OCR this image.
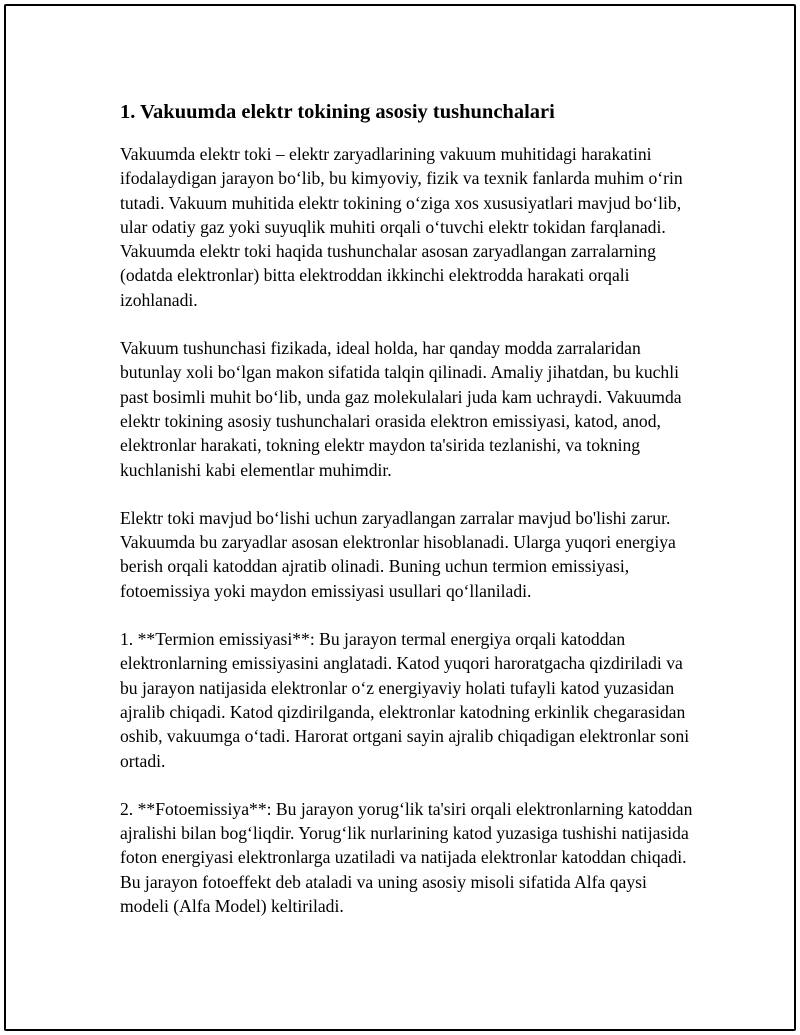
1. Vakuumda elektr tokining asosiy tushunchalari

Vakuumda elektr toki – elektr zaryadlarining vakuum muhitidagi harakatini ifodalaydigan jarayon bo‘lib, bu kimyoviy, fizik va texnik fanlarda muhim o‘rin tutadi. Vakuum muhitida elektr tokining o‘ziga xos xususiyatlari mavjud bo‘lib, ular odatiy gaz yoki suyuqlik muhiti orqali o‘tuvchi elektr tokidan farqlanadi. Vakuumda elektr toki haqida tushunchalar asosan zaryadlangan zarralarning (odatda elektronlar) bitta elektroddan ikkinchi elektrodda harakati orqali izohlanadi.

Vakuum tushunchasi fizikada, ideal holda, har qanday modda zarralaridan butunlay xoli bo‘lgan makon sifatida talqin qilinadi. Amaliy jihatdan, bu kuchli past bosimli muhit bo‘lib, unda gaz molekulalari juda kam uchraydi. Vakuumda elektr tokining asosiy tushunchalari orasida elektron emissiyasi, katod, anod, elektronlar harakati, tokning elektr maydon ta'sirida tezlanishi, va tokning kuchlanishi kabi elementlar muhimdir.

Elektr toki mavjud bo‘lishi uchun zaryadlangan zarralar mavjud bo'lishi zarur. Vakuumda bu zaryadlar asosan elektronlar hisoblanadi. Ularga yuqori energiya berish orqali katoddan ajratib olinadi. Buning uchun termion emissiyasi, fotoemissiya yoki maydon emissiyasi usullari qo‘llaniladi.

1. **Termion emissiyasi**: Bu jarayon termal energiya orqali katoddan elektronlarning emissiyasini anglatadi. Katod yuqori haroratgacha qizdiriladi va bu jarayon natijasida elektronlar o‘z energiyaviy holati tufayli katod yuzasidan ajralib chiqadi. Katod qizdirilganda, elektronlar katodning erkinlik chegarasidan oshib, vakuumga o‘tadi. Harorat ortgani sayin ajralib chiqadigan elektronlar soni ortadi.

2. **Fotoemissiya**: Bu jarayon yorug‘lik ta'siri orqali elektronlarning katoddan ajralishi bilan bog‘liqdir. Yorug‘lik nurlarining katod yuzasiga tushishi natijasida foton energiyasi elektronlarga uzatiladi va natijada elektronlar katoddan chiqadi. Bu jarayon fotoeffekt deb ataladi va uning asosiy misoli sifatida Alfa qaysi modeli (Alfa Model) keltiriladi.
